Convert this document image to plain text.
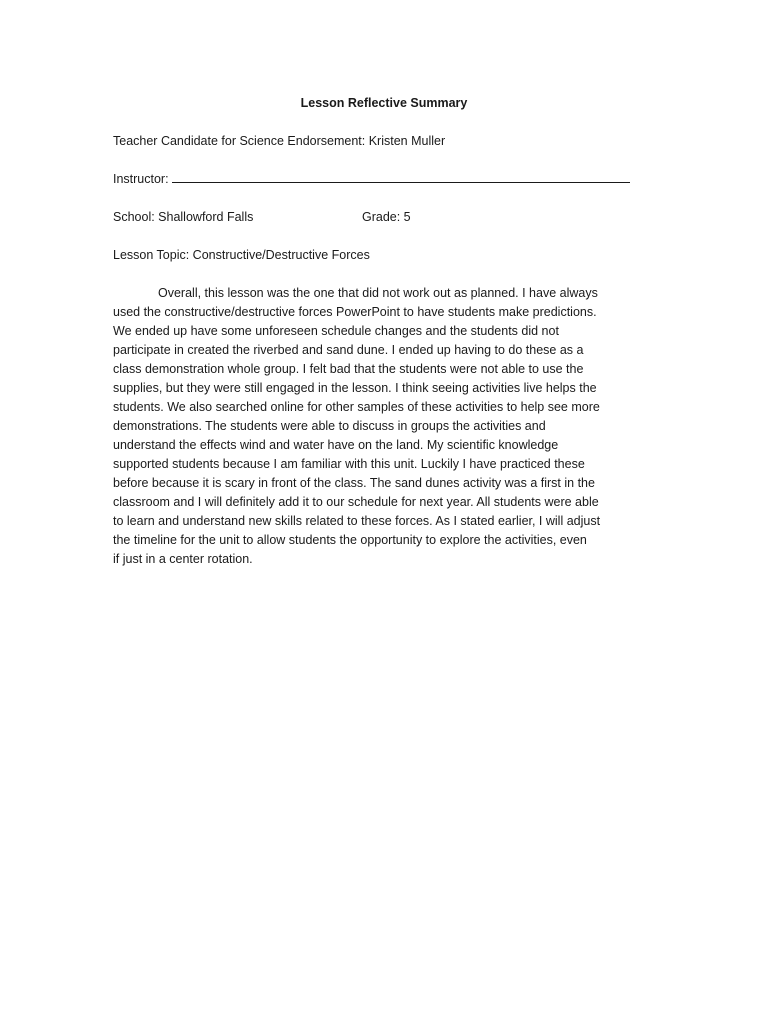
Lesson Reflective Summary
Teacher Candidate for Science Endorsement: Kristen Muller
Instructor:
School: Shallowford Falls	Grade: 5
Lesson Topic: Constructive/Destructive Forces
Overall, this lesson was the one that did not work out as planned. I have always
used the constructive/destructive forces PowerPoint to have students make predictions.
We ended up have some unforeseen schedule changes and the students did not
participate in created the riverbed and sand dune. I ended up having to do these as a
class demonstration whole group. I felt bad that the students were not able to use the
supplies, but they were still engaged in the lesson. I think seeing activities live helps the
students. We also searched online for other samples of these activities to help see more
demonstrations. The students were able to discuss in groups the activities and
understand the effects wind and water have on the land. My scientific knowledge
supported students because I am familiar with this unit. Luckily I have practiced these
before because it is scary in front of the class. The sand dunes activity was a first in the
classroom and I will definitely add it to our schedule for next year. All students were able
to learn and understand new skills related to these forces. As I stated earlier, I will adjust
the timeline for the unit to allow students the opportunity to explore the activities, even
if just in a center rotation.
